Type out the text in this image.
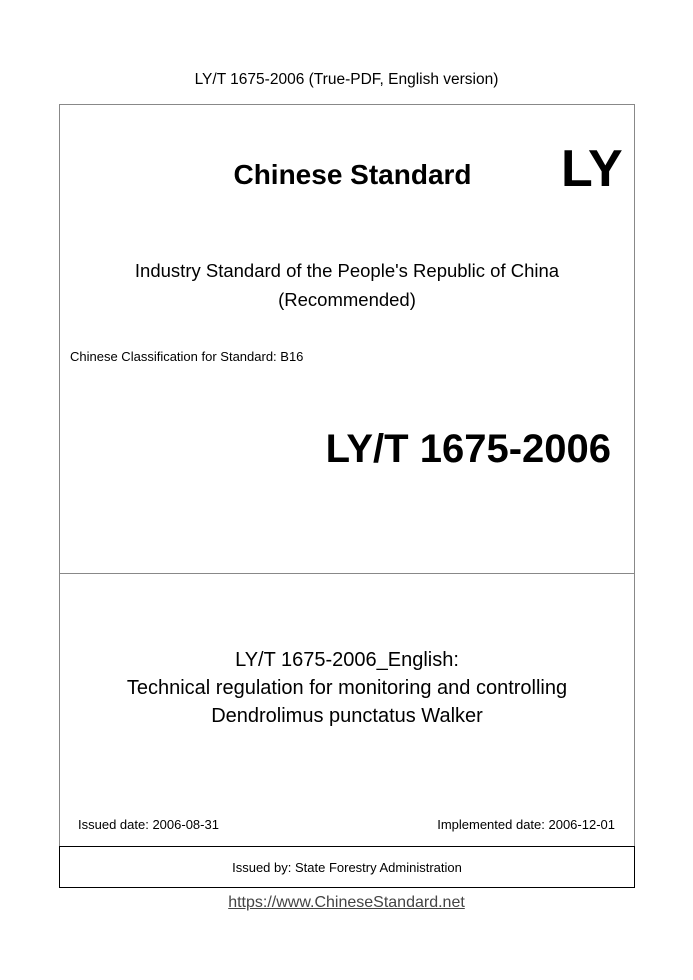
LY/T 1675-2006 (True-PDF, English version)
Chinese Standard	LY
Industry Standard of the People's Republic of China
(Recommended)
Chinese Classification for Standard: B16
LY/T 1675-2006
LY/T 1675-2006_English:
Technical regulation for monitoring and controlling
Dendrolimus punctatus Walker
Issued date: 2006-08-31	Implemented date: 2006-12-01
Issued by: State Forestry Administration
https://www.ChineseStandard.net
